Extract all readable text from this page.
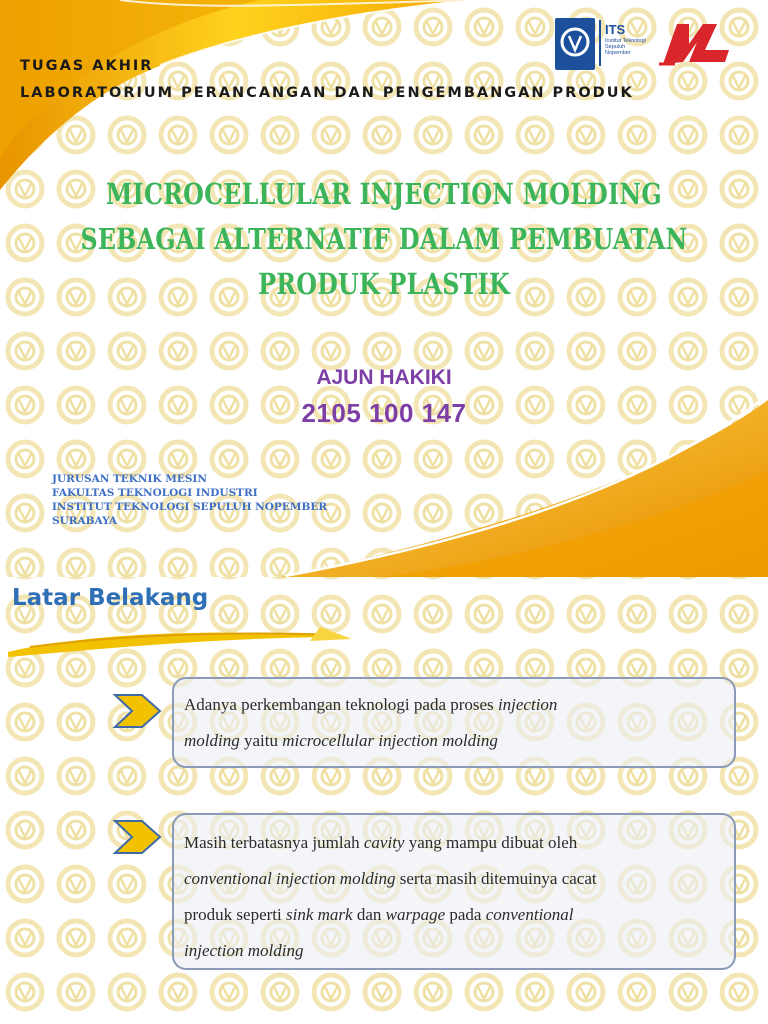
TUGAS AKHIR
LABORATORIUM PERANCANGAN DAN PENGEMBANGAN PRODUK
ITS
Institut Teknologi Sepuluh Nopember
MICROCELLULAR INJECTION MOLDING
SEBAGAI ALTERNATIF DALAM PEMBUATAN
PRODUK PLASTIK
AJUN HAKIKI
2105 100 147
JURUSAN TEKNIK MESIN
FAKULTAS TEKNOLOGI INDUSTRI
INSTITUT TEKNOLOGI SEPULUH NOPEMBER
SURABAYA
Latar Belakang
Adanya perkembangan teknologi pada proses injection
molding yaitu microcellular injection molding
Masih terbatasnya jumlah cavity yang mampu dibuat oleh
conventional injection molding serta masih ditemuinya cacat
produk seperti sink mark dan warpage pada conventional
injection molding
